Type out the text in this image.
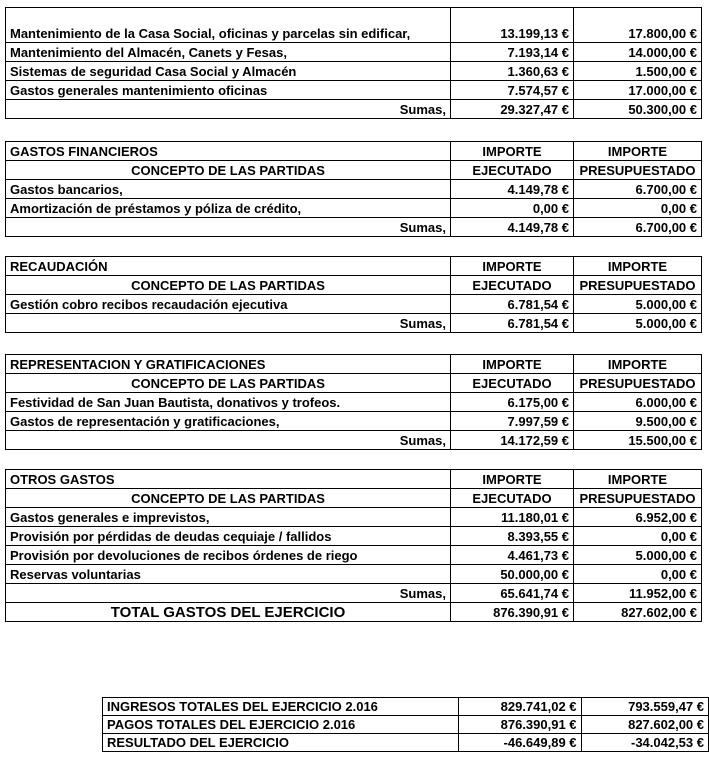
Mantenimiento de la Casa Social, oficinas y parcelas sin edificar,	13.199,13 €	17.800,00 €
Mantenimiento del Almacén, Canets y Fesas,	7.193,14 €	14.000,00 €
Sistemas de seguridad Casa Social y Almacén	1.360,63 €	1.500,00 €
Gastos generales mantenimiento oficinas	7.574,57 €	17.000,00 €
Sumas,	29.327,47 €	50.300,00 €
GASTOS FINANCIEROS	IMPORTE	IMPORTE
CONCEPTO DE LAS PARTIDAS	EJECUTADO	PRESUPUESTADO
Gastos bancarios,	4.149,78 €	6.700,00 €
Amortización de préstamos y póliza de crédito,	0,00 €	0,00 €
Sumas,	4.149,78 €	6.700,00 €
RECAUDACIÓN	IMPORTE	IMPORTE
CONCEPTO DE LAS PARTIDAS	EJECUTADO	PRESUPUESTADO
Gestión cobro recibos recaudación ejecutiva	6.781,54 €	5.000,00 €
Sumas,	6.781,54 €	5.000,00 €
REPRESENTACION Y GRATIFICACIONES	IMPORTE	IMPORTE
CONCEPTO DE LAS PARTIDAS	EJECUTADO	PRESUPUESTADO
Festividad de San Juan Bautista, donativos y trofeos.	6.175,00 €	6.000,00 €
Gastos de representación y gratificaciones,	7.997,59 €	9.500,00 €
Sumas,	14.172,59 €	15.500,00 €
OTROS GASTOS	IMPORTE	IMPORTE
CONCEPTO DE LAS PARTIDAS	EJECUTADO	PRESUPUESTADO
Gastos generales e imprevistos,	11.180,01 €	6.952,00 €
Provisión por pérdidas de deudas cequiaje / fallidos	8.393,55 €	0,00 €
Provisión por devoluciones de recibos órdenes de riego	4.461,73 €	5.000,00 €
Reservas voluntarias	50.000,00 €	0,00 €
Sumas,	65.641,74 €	11.952,00 €
TOTAL GASTOS DEL EJERCICIO	876.390,91 €	827.602,00 €
INGRESOS TOTALES DEL EJERCICIO 2.016	829.741,02 €	793.559,47 €
PAGOS TOTALES DEL EJERCICIO 2.016	876.390,91 €	827.602,00 €
RESULTADO DEL EJERCICIO	-46.649,89 €	-34.042,53 €
